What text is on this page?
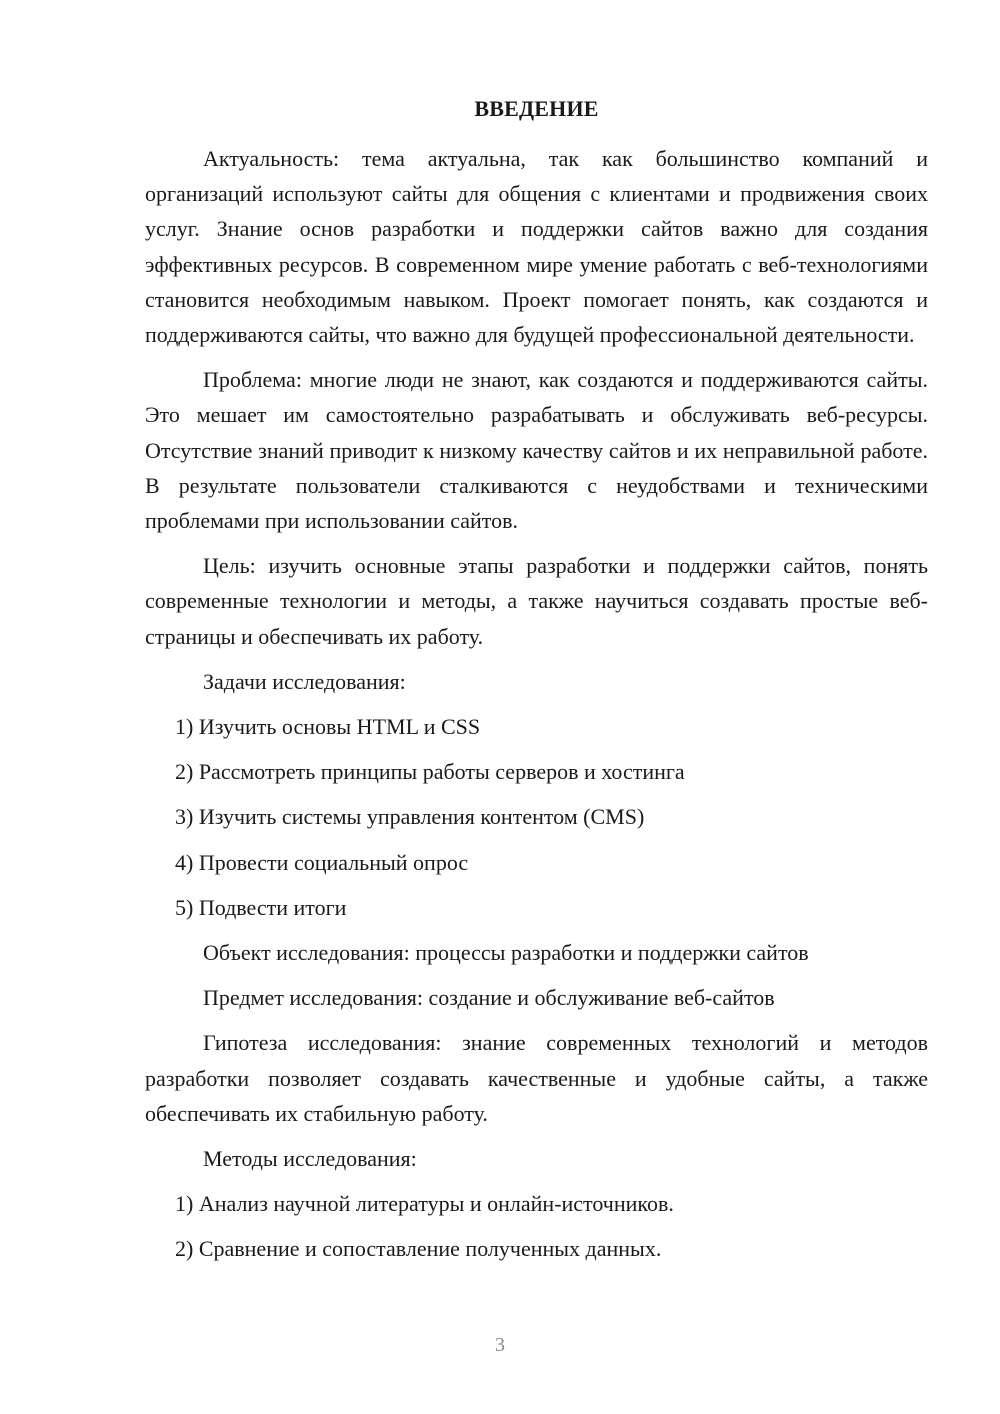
ВВЕДЕНИЕ

Актуальность: тема актуальна, так как большинство компаний и организаций используют сайты для общения с клиентами и продвижения своих услуг. Знание основ разработки и поддержки сайтов важно для создания эффективных ресурсов. В современном мире умение работать с веб-технологиями становится необходимым навыком. Проект помогает понять, как создаются и поддерживаются сайты, что важно для будущей профессиональной деятельности.

Проблема: многие люди не знают, как создаются и поддерживаются сайты. Это мешает им самостоятельно разрабатывать и обслуживать веб-ресурсы. Отсутствие знаний приводит к низкому качеству сайтов и их неправильной работе. В результате пользователи сталкиваются с неудобствами и техническими проблемами при использовании сайтов.

Цель: изучить основные этапы разработки и поддержки сайтов, понять современные технологии и методы, а также научиться создавать простые веб-страницы и обеспечивать их работу.

Задачи исследования:

1) Изучить основы HTML и CSS

2) Рассмотреть принципы работы серверов и хостинга

3) Изучить системы управления контентом (CMS)

4) Провести социальный опрос

5) Подвести итоги

Объект исследования: процессы разработки и поддержки сайтов

Предмет исследования: создание и обслуживание веб-сайтов

Гипотеза исследования: знание современных технологий и методов разработки позволяет создавать качественные и удобные сайты, а также обеспечивать их стабильную работу.

Методы исследования:

1) Анализ научной литературы и онлайн-источников.

2) Сравнение и сопоставление полученных данных.

3
